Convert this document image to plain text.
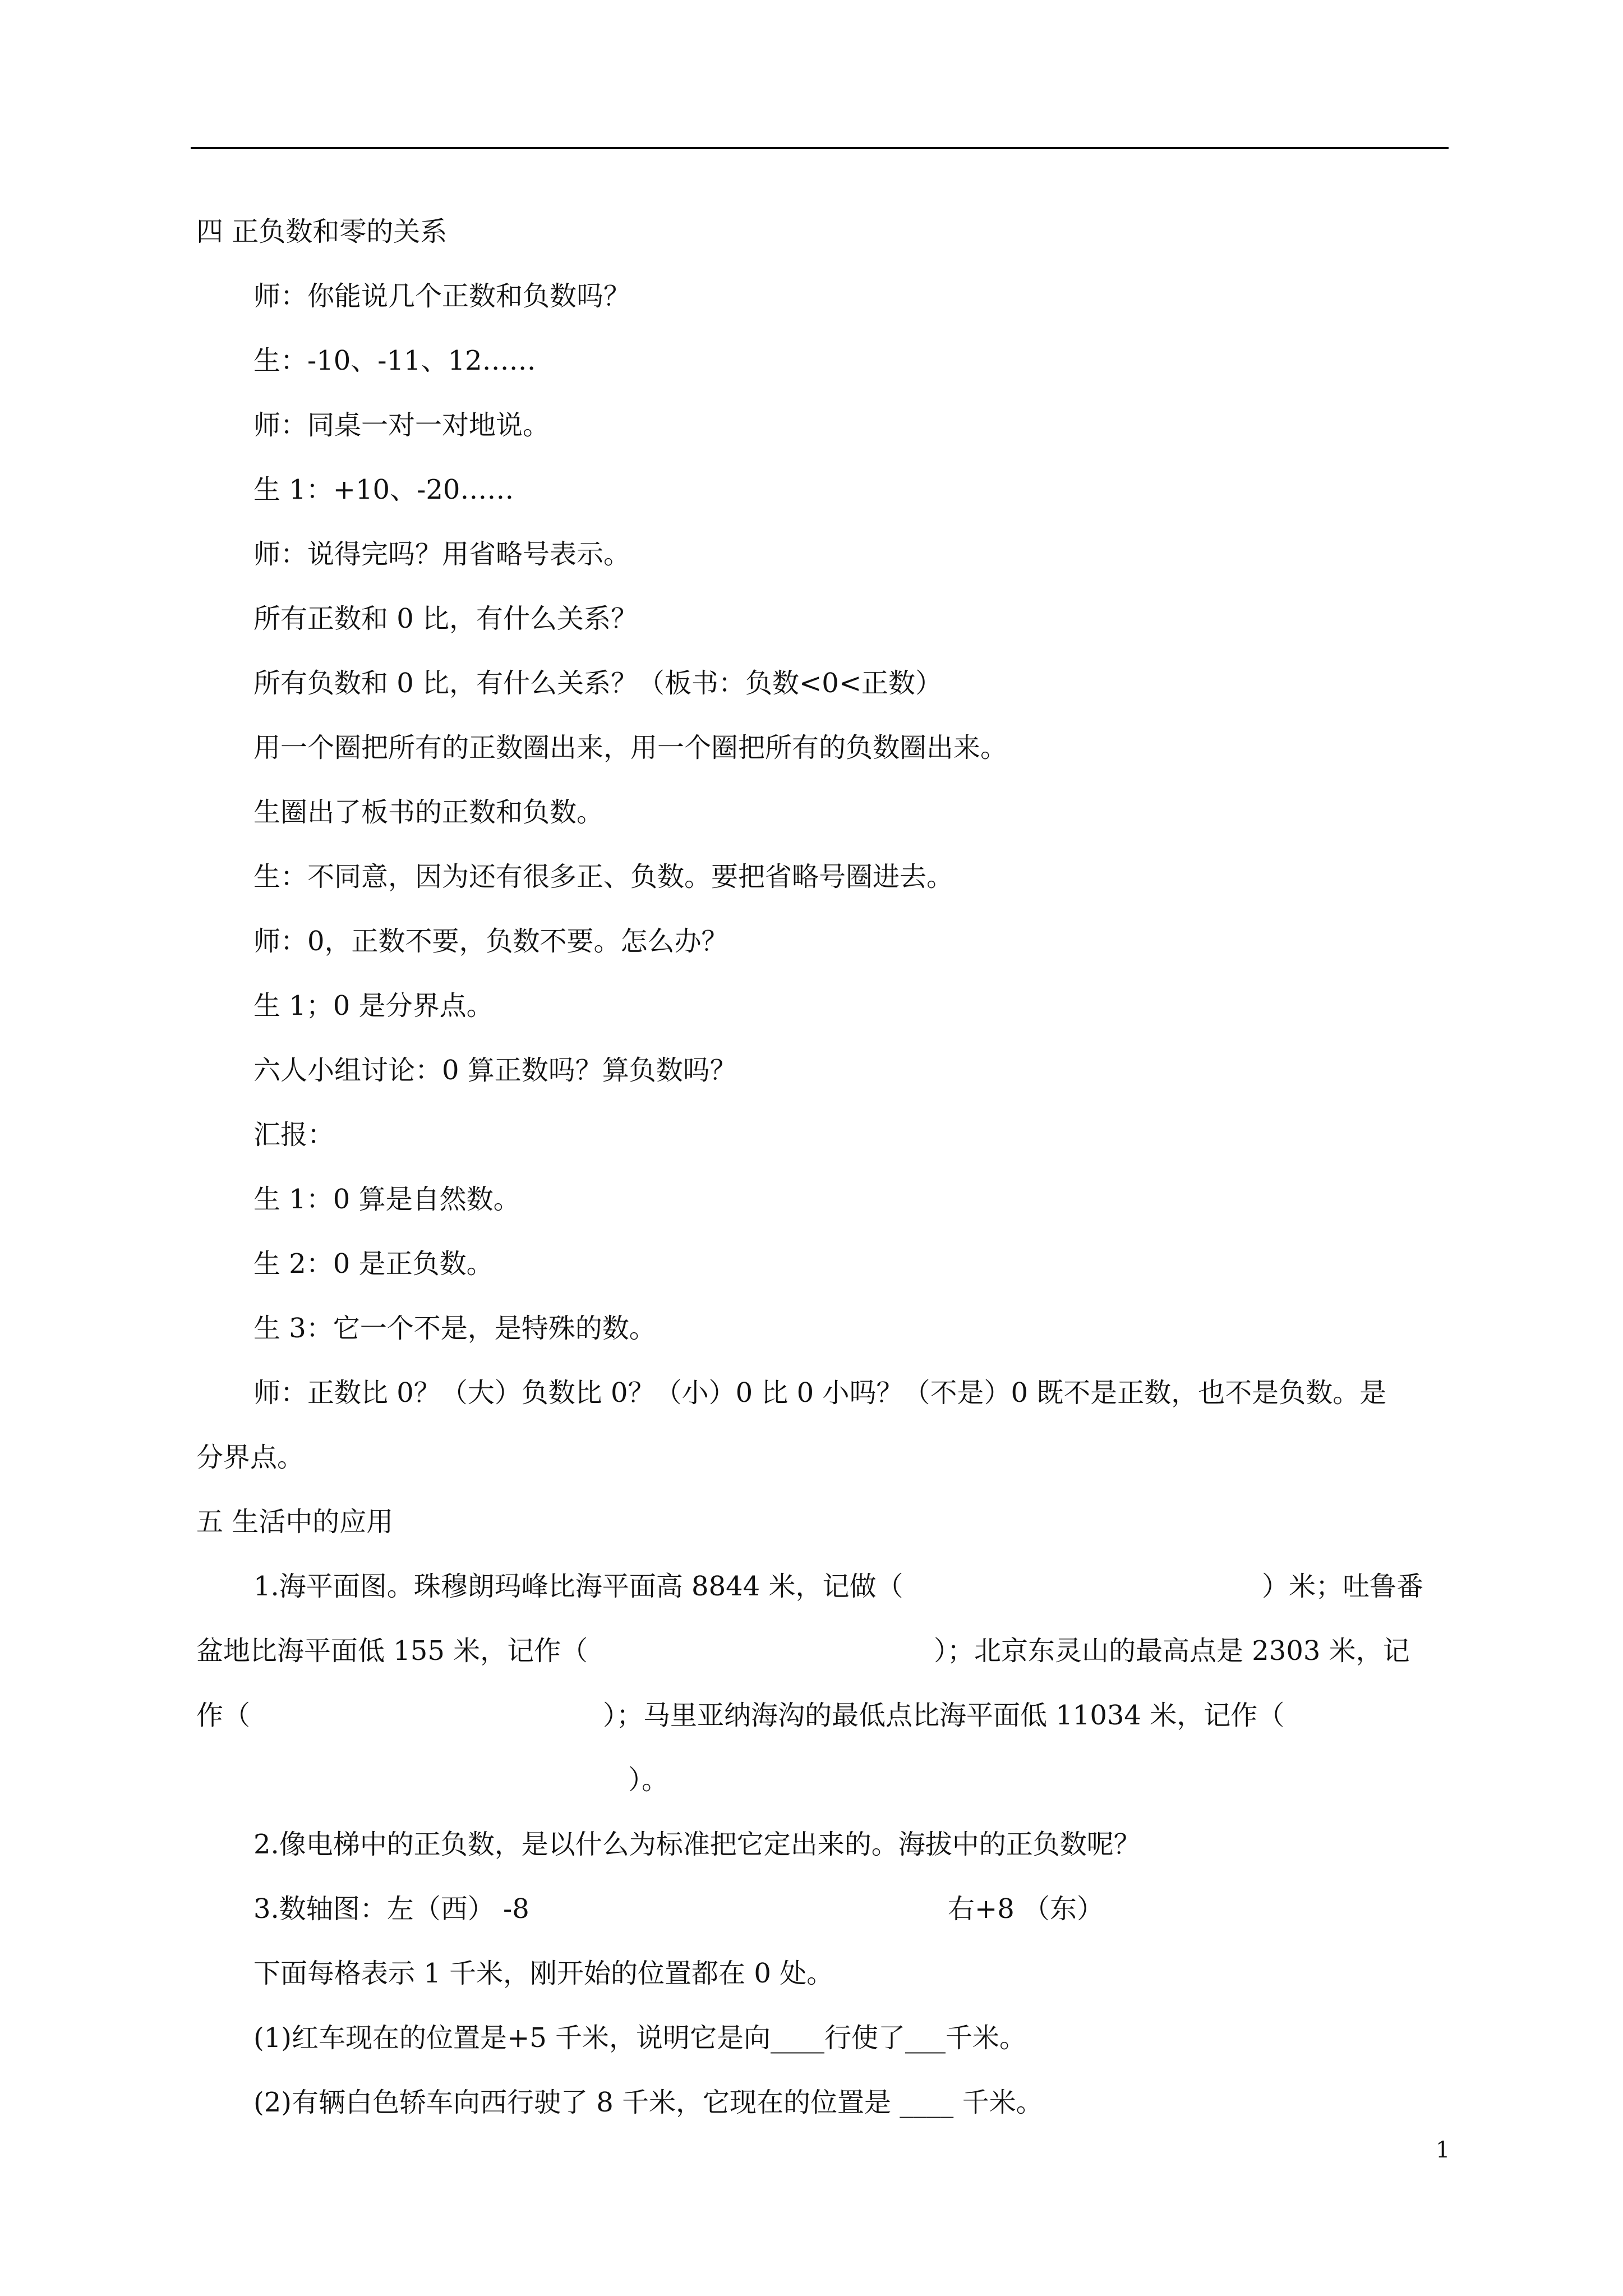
四 正负数和零的关系
师：你能说几个正数和负数吗？
生：-10、-11、12……
师：同桌一对一对地说。
生 1：+10、-20……
师：说得完吗？用省略号表示。
所有正数和 0 比，有什么关系？
所有负数和 0 比，有什么关系？（板书：负数<0<正数）
用一个圈把所有的正数圈出来，用一个圈把所有的负数圈出来。
生圈出了板书的正数和负数。
生：不同意，因为还有很多正、负数。要把省略号圈进去。
师：0，正数不要，负数不要。怎么办？
生 1；0 是分界点。
六人小组讨论：0 算正数吗？算负数吗？
汇报：
生 1：0 算是自然数。
生 2：0 是正负数。
生 3：它一个不是，是特殊的数。
师：正数比 0？（大）负数比 0？（小）0 比 0 小吗？（不是）0 既不是正数，也不是负数。是
分界点。
五 生活中的应用
1.海平面图。珠穆朗玛峰比海平面高 8844 米，记做（	）米；吐鲁番
盆地比海平面低 155 米，记作（	）；北京东灵山的最高点是 2303 米，记
作（	）；马里亚纳海沟的最低点比海平面低 11034 米，记作（
）。
2.像电梯中的正负数，是以什么为标准把它定出来的。海拔中的正负数呢？
3.数轴图：左（西） -8	右+8 （东）
下面每格表示 1 千米，刚开始的位置都在 0 处。
(1)红车现在的位置是+5 千米，说明它是向____行使了___千米。
(2)有辆白色轿车向西行驶了 8 千米，它现在的位置是 ____ 千米。
1
